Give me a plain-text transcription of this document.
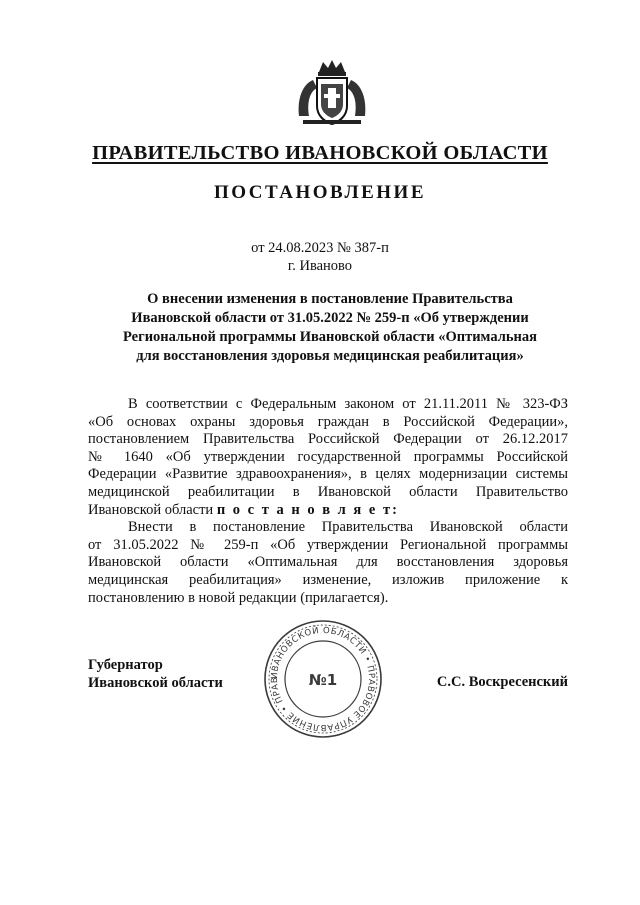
ПРАВИТЕЛЬСТВО ИВАНОВСКОЙ ОБЛАСТИ
ПОСТАНОВЛЕНИЕ
от 24.08.2023 № 387-п
г. Иваново
О внесении изменения в постановление Правительства
Ивановской области от 31.05.2022 № 259-п «Об утверждении
Региональной программы Ивановской области «Оптимальная
для восстановления здоровья медицинская реабилитация»

В соответствии с Федеральным законом от 21.11.2011 № 323-ФЗ
«Об основах охраны здоровья граждан в Российской Федерации»,
постановлением Правительства Российской Федерации от 26.12.2017
№ 1640 «Об утверждении государственной программы Российской
Федерации «Развитие здравоохранения», в целях модернизации системы
медицинской реабилитации в Ивановской области Правительство
Ивановской области п о с т а н о в л я е т:

Внести в постановление Правительства Ивановской области
от 31.05.2022 № 259-п «Об утверждении Региональной программы
Ивановской области «Оптимальная для восстановления здоровья
медицинская реабилитация» изменение, изложив приложение к
постановлению в новой редакции (прилагается).

Губернатор
Ивановской области	ИВАНОВСКОЙ ОБЛАСТИ • ПРАВОВОЕ УПРАВЛЕНИЕ • ПРАВ	№1	С.С. Воскресенский
